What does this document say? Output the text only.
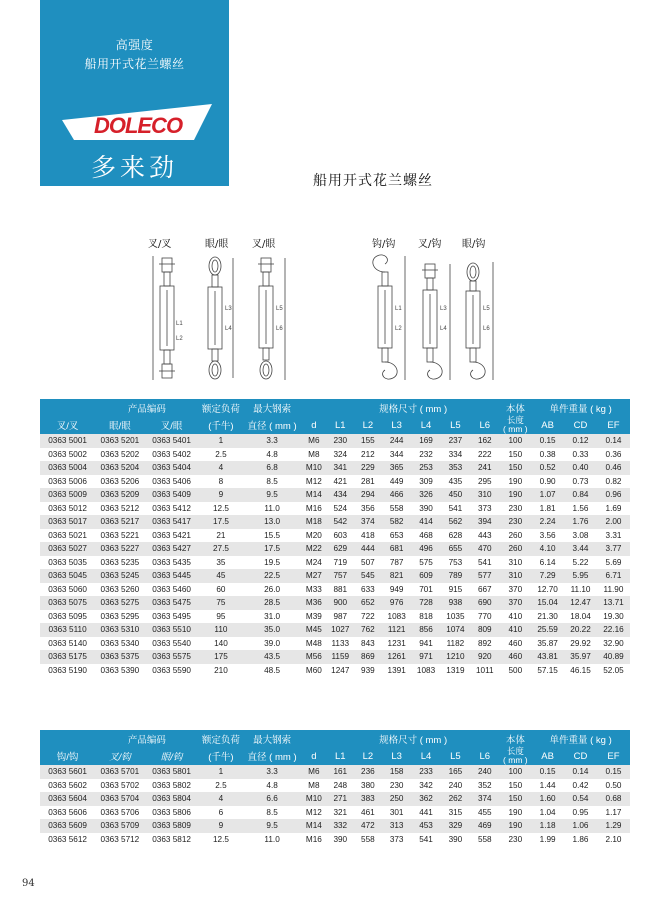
高强度
船用开式花兰螺丝
DOLECO
多来劲	船用开式花兰螺丝
叉/叉	眼/眼 叉/眼	钩/钩 叉/钩 眼/钩
L1
L2
L3
L4
L5
L6
L1
L2
L3
L4
L5
L6
	产品编码		额定负荷	最大钢索		规格尺寸 ( mm )						本体	单件重量 ( kg )		
叉/叉	眼/眼	叉/眼	(千牛)	直径 ( mm )	d	L1	L2	L3	L4	L5	L6	长度
( mm )	AB	CD	EF
0363 5001	0363 5201	0363 5401	1	3.3	M6	230	155	244	169	237	162	100	0.15	0.12	0.14
0363 5002	0363 5202	0363 5402	2.5	4.8	M8	324	212	344	232	334	222	150	0.38	0.33	0.36
0363 5004	0363 5204	0363 5404	4	6.8	M10	341	229	365	253	353	241	150	0.52	0.40	0.46
0363 5006	0363 5206	0363 5406	8	8.5	M12	421	281	449	309	435	295	190	0.90	0.73	0.82
0363 5009	0363 5209	0363 5409	9	9.5	M14	434	294	466	326	450	310	190	1.07	0.84	0.96
0363 5012	0363 5212	0363 5412	12.5	11.0	M16	524	356	558	390	541	373	230	1.81	1.56	1.69
0363 5017	0363 5217	0363 5417	17.5	13.0	M18	542	374	582	414	562	394	230	2.24	1.76	2.00
0363 5021	0363 5221	0363 5421	21	15.5	M20	603	418	653	468	628	443	260	3.56	3.08	3.31
0363 5027	0363 5227	0363 5427	27.5	17.5	M22	629	444	681	496	655	470	260	4.10	3.44	3.77
0363 5035	0363 5235	0363 5435	35	19.5	M24	719	507	787	575	753	541	310	6.14	5.22	5.69
0363 5045	0363 5245	0363 5445	45	22.5	M27	757	545	821	609	789	577	310	7.29	5.95	6.71
0363 5060	0363 5260	0363 5460	60	26.0	M33	881	633	949	701	915	667	370	12.70	11.10	11.90
0363 5075	0363 5275	0363 5475	75	28.5	M36	900	652	976	728	938	690	370	15.04	12.47	13.71
0363 5095	0363 5295	0363 5495	95	31.0	M39	987	722	1083	818	1035	770	410	21.30	18.04	19.30
0363 5110	0363 5310	0363 5510	110	35.0	M45	1027	762	1121	856	1074	809	410	25.59	20.22	22.16
0363 5140	0363 5340	0363 5540	140	39.0	M48	1133	843	1231	941	1182	892	460	35.87	29.92	32.90
0363 5175	0363 5375	0363 5575	175	43.5	M56	1159	869	1261	971	1210	920	460	43.81	35.97	40.89
0363 5190	0363 5390	0363 5590	210	48.5	M60	1247	939	1391	1083	1319	1011	500	57.15	46.15	52.05
	产品编码		额定负荷	最大钢索		规格尺寸 ( mm )						本体	单件重量 ( kg )		
钩/钩	叉/钩	眼/钩	(千牛)	直径 ( mm )	d	L1	L2	L3	L4	L5	L6	长度
( mm )	AB	CD	EF
0363 5601	0363 5701	0363 5801	1	3.3	M6	161	236	158	233	165	240	100	0.15	0.14	0.15
0363 5602	0363 5702	0363 5802	2.5	4.8	M8	248	380	230	342	240	352	150	1.44	0.42	0.50
0363 5604	0363 5704	0363 5804	4	6.6	M10	271	383	250	362	262	374	150	1.60	0.54	0.68
0363 5606	0363 5706	0363 5806	6	8.5	M12	321	461	301	441	315	455	190	1.04	0.95	1.17
0363 5609	0363 5709	0363 5809	9	9.5	M14	332	472	313	453	329	469	190	1.18	1.06	1.29
0363 5612	0363 5712	0363 5812	12.5	11.0	M16	390	558	373	541	390	558	230	1.99	1.86	2.10
94
